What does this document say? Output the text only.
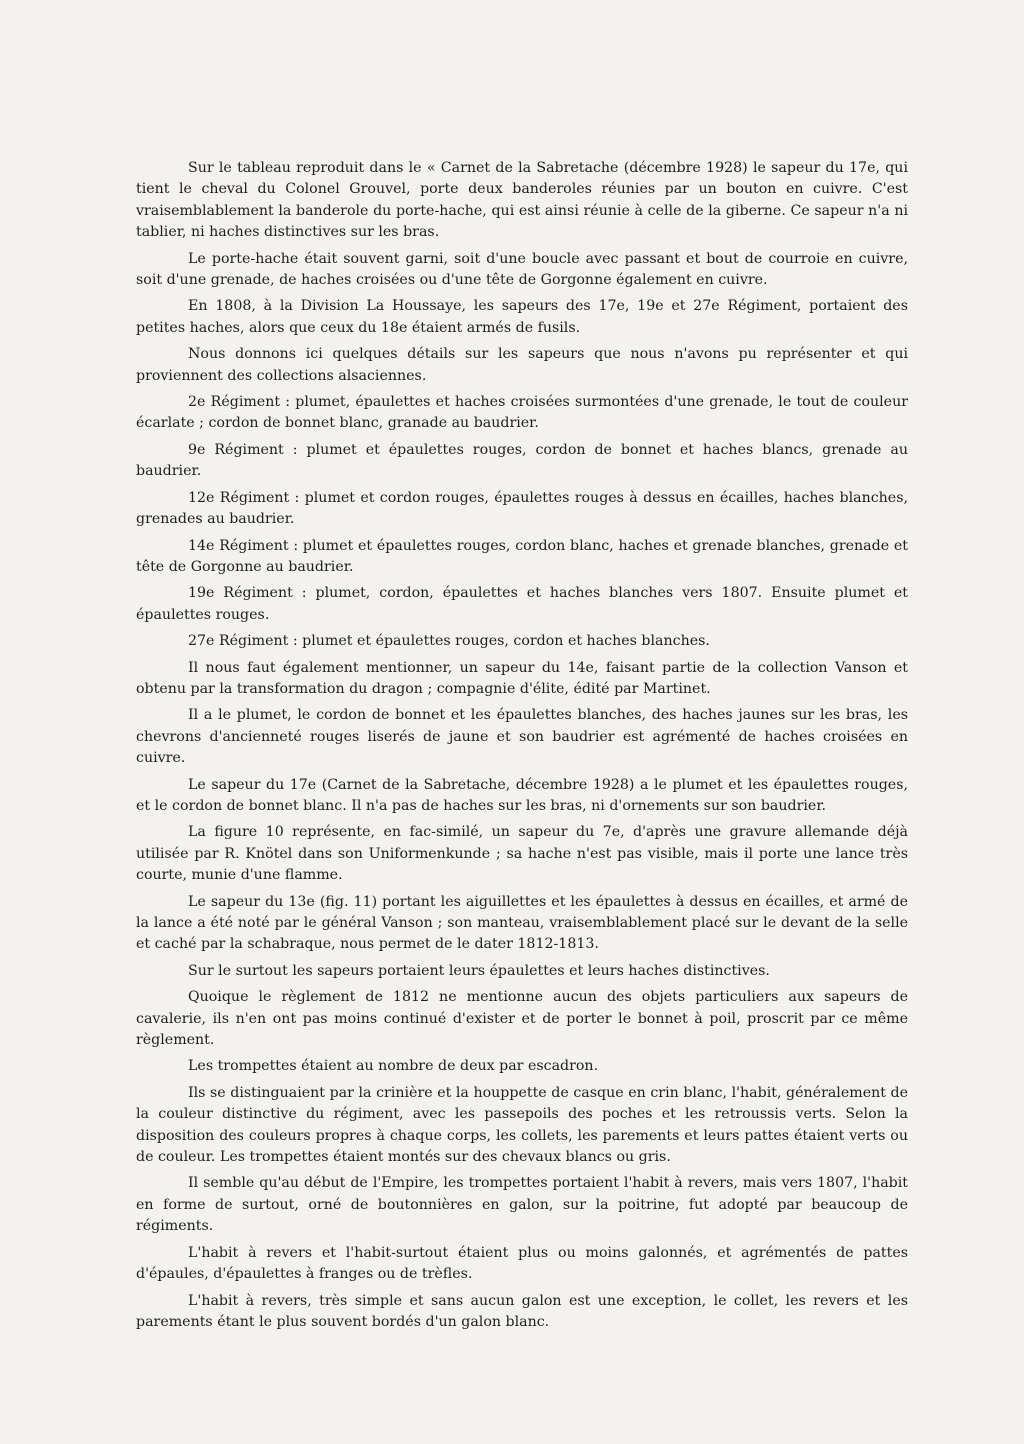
Sur le tableau reproduit dans le « Carnet de la Sabretache (décembre 1928) le sapeur du 17e, qui tient le cheval du Colonel Grouvel, porte deux banderoles réunies par un bouton en cuivre. C'est vraisemblablement la banderole du porte-hache, qui est ainsi réunie à celle de la giberne. Ce sapeur n'a ni tablier, ni haches distinctives sur les bras.

Le porte-hache était souvent garni, soit d'une boucle avec passant et bout de courroie en cuivre, soit d'une grenade, de haches croisées ou d'une tête de Gorgonne également en cuivre.

En 1808, à la Division La Houssaye, les sapeurs des 17e, 19e et 27e Régiment, portaient des petites haches, alors que ceux du 18e étaient armés de fusils.

Nous donnons ici quelques détails sur les sapeurs que nous n'avons pu représenter et qui proviennent des collections alsaciennes.

2e Régiment : plumet, épaulettes et haches croisées surmontées d'une grenade, le tout de couleur écarlate ; cordon de bonnet blanc, granade au baudrier.

9e Régiment : plumet et épaulettes rouges, cordon de bonnet et haches blancs, grenade au baudrier.

12e Régiment : plumet et cordon rouges, épaulettes rouges à dessus en écailles, haches blanches, grenades au baudrier.

14e Régiment : plumet et épaulettes rouges, cordon blanc, haches et grenade blanches, grenade et tête de Gorgonne au baudrier.

19e Régiment : plumet, cordon, épaulettes et haches blanches vers 1807. Ensuite plumet et épaulettes rouges.

27e Régiment : plumet et épaulettes rouges, cordon et haches blanches.

Il nous faut également mentionner, un sapeur du 14e, faisant partie de la collection Vanson et obtenu par la transformation du dragon ; compagnie d'élite, édité par Martinet.

Il a le plumet, le cordon de bonnet et les épaulettes blanches, des haches jaunes sur les bras, les chevrons d'ancienneté rouges liserés de jaune et son baudrier est agrémenté de haches croisées en cuivre.

Le sapeur du 17e (Carnet de la Sabretache, décembre 1928) a le plumet et les épaulettes rouges, et le cordon de bonnet blanc. Il n'a pas de haches sur les bras, ni d'ornements sur son baudrier.

La figure 10 représente, en fac-similé, un sapeur du 7e, d'après une gravure allemande déjà utilisée par R. Knötel dans son Uniformenkunde ; sa hache n'est pas visible, mais il porte une lance très courte, munie d'une flamme.

Le sapeur du 13e (fig. 11) portant les aiguillettes et les épaulettes à dessus en écailles, et armé de la lance a été noté par le général Vanson ; son manteau, vraisemblablement placé sur le devant de la selle et caché par la schabraque, nous permet de le dater 1812-1813.

Sur le surtout les sapeurs portaient leurs épaulettes et leurs haches distinctives.

Quoique le règlement de 1812 ne mentionne aucun des objets particuliers aux sapeurs de cavalerie, ils n'en ont pas moins continué d'exister et de porter le bonnet à poil, proscrit par ce même règlement.

Les trompettes étaient au nombre de deux par escadron.

Ils se distinguaient par la crinière et la houppette de casque en crin blanc, l'habit, généralement de la couleur distinctive du régiment, avec les passepoils des poches et les retroussis verts. Selon la disposition des couleurs propres à chaque corps, les collets, les parements et leurs pattes étaient verts ou de couleur. Les trompettes étaient montés sur des chevaux blancs ou gris.

Il semble qu'au début de l'Empire, les trompettes portaient l'habit à revers, mais vers 1807, l'habit en forme de surtout, orné de boutonnières en galon, sur la poitrine, fut adopté par beaucoup de régiments.

L'habit à revers et l'habit-surtout étaient plus ou moins galonnés, et agrémentés de pattes d'épaules, d'épaulettes à franges ou de trèfles.

L'habit à revers, très simple et sans aucun galon est une exception, le collet, les revers et les parements étant le plus souvent bordés d'un galon blanc.
